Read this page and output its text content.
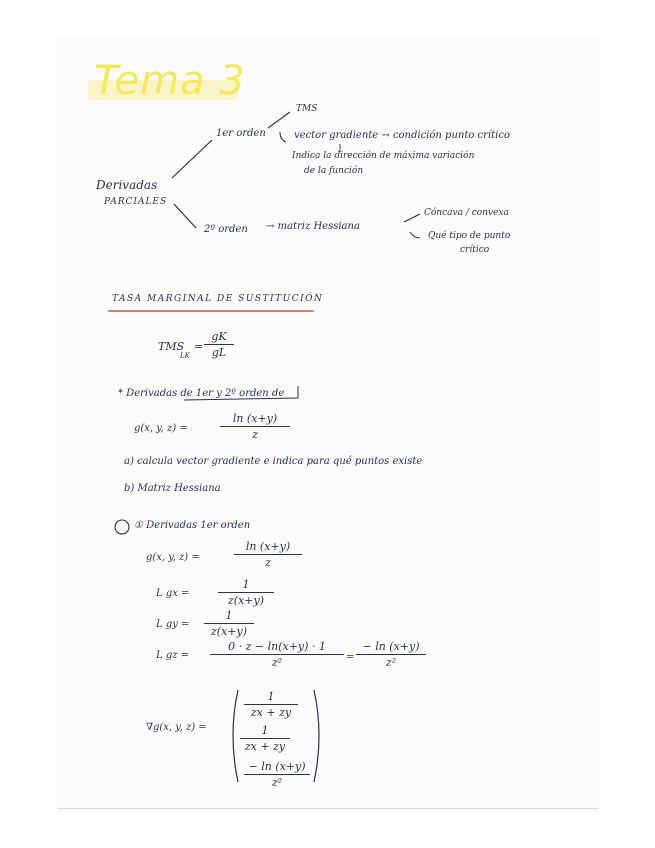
Tema 3
Derivadas
PARCIALES
1er orden
TMS
vector gradiente → condición punto crítico
Indica la dirección de máxima variación
de la función
2º orden → matriz Hessiana
Cóncava / convexa
Qué tipo de punto
crítico
TASA MARGINAL DE SUSTITUCIÓN
TMS
LK
=
gK
gL
* Derivadas de 1er y 2º orden de
g(x, y, z) =
ln (x+y)
z
a) calcula vector gradiente e indica para qué puntos existe
b) Matriz Hessiana
① Derivadas 1er orden
g(x, y, z) =
ln (x+y)
z
L gx =
1
z(x+y)
L gy =
1
z(x+y)
L gz =
0 · z − ln(x+y) · 1
z²	=
− ln (x+y)
z²
∇g(x, y, z) =
1
zx + zy
1
zx + zy
− ln (x+y)
z²
